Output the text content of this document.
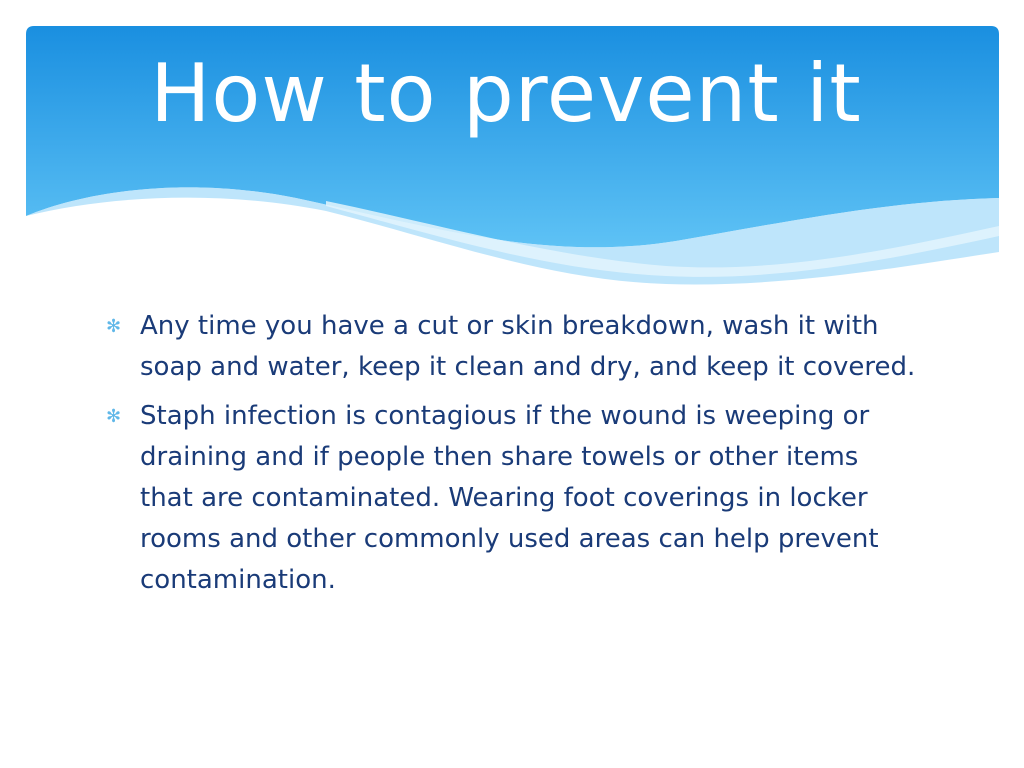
How to prevent it
✻ Any time you have a cut or skin breakdown, wash it with soap and water, keep it clean and dry, and keep it covered.
✻ Staph infection is contagious if the wound is weeping or draining and if people then share towels or other items that are contaminated. Wearing foot coverings in locker rooms and other commonly used areas can help prevent contamination.
